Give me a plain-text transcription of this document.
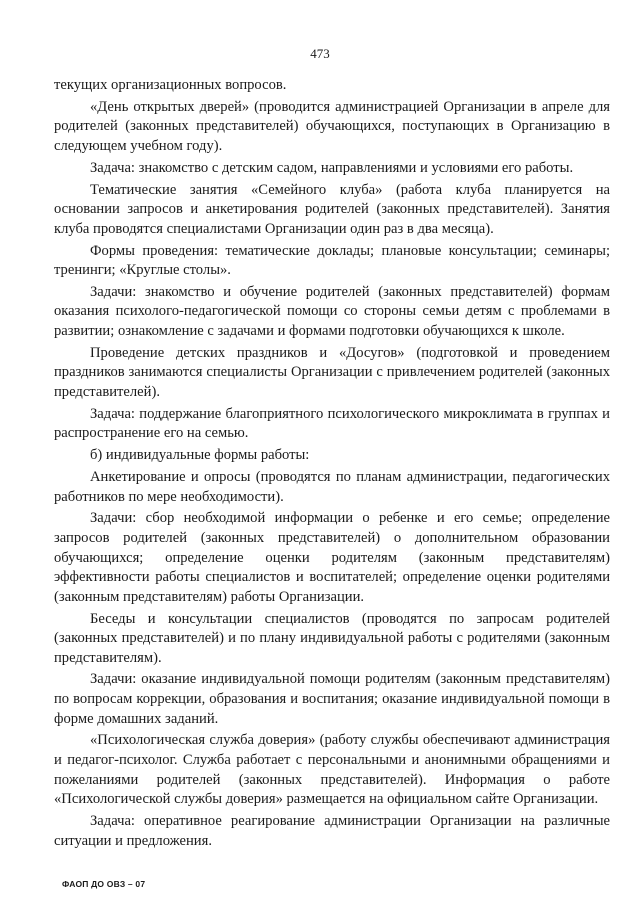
473

текущих организационных вопросов.

«День открытых дверей» (проводится администрацией Организации в апреле для родителей (законных представителей) обучающихся, поступающих в Организацию в следующем учебном году).

Задача: знакомство с детским садом, направлениями и условиями его работы.

Тематические занятия «Семейного клуба» (работа клуба планируется на основании запросов и анкетирования родителей (законных представителей). Занятия клуба проводятся специалистами Организации один раз в два месяца).

Формы проведения: тематические доклады; плановые консультации; семинары; тренинги; «Круглые столы».

Задачи: знакомство и обучение родителей (законных представителей) формам оказания психолого-педагогической помощи со стороны семьи детям с проблемами в развитии; ознакомление с задачами и формами подготовки обучающихся к школе.

Проведение детских праздников и «Досугов» (подготовкой и проведением праздников занимаются специалисты Организации с привлечением родителей (законных представителей).

Задача: поддержание благоприятного психологического микроклимата в группах и распространение его на семью.

б) индивидуальные формы работы:

Анкетирование и опросы (проводятся по планам администрации, педагогических работников по мере необходимости).

Задачи: сбор необходимой информации о ребенке и его семье; определение запросов родителей (законных представителей) о дополнительном образовании обучающихся; определение оценки родителям (законным представителям) эффективности работы специалистов и воспитателей; определение оценки родителями (законным представителям) работы Организации.

Беседы и консультации специалистов (проводятся по запросам родителей (законных представителей) и по плану индивидуальной работы с родителями (законным представителям).

Задачи: оказание индивидуальной помощи родителям (законным представителям) по вопросам коррекции, образования и воспитания; оказание индивидуальной помощи в форме домашних заданий.

«Психологическая служба доверия» (работу службы обеспечивают администрация и педагог-психолог. Служба работает с персональными и анонимными обращениями и пожеланиями родителей (законных представителей). Информация о работе «Психологической службы доверия» размещается на официальном сайте Организации.

Задача: оперативное реагирование администрации Организации на различные ситуации и предложения.

ФАОП ДО ОВЗ – 07
